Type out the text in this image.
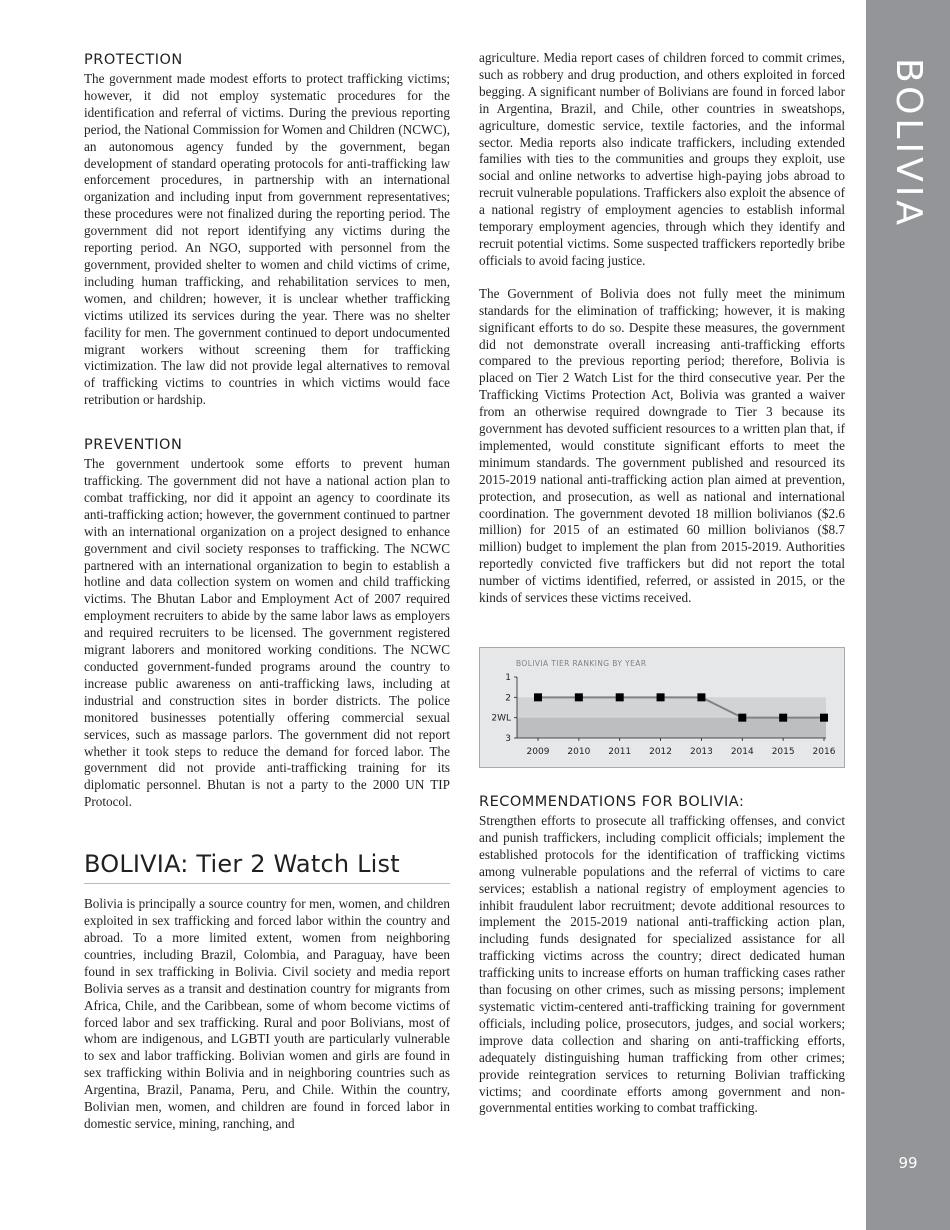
PROTECTION

The government made modest efforts to protect trafficking victims; however, it did not employ systematic procedures for the identification and referral of victims. During the previous reporting period, the National Commission for Women and Children (NCWC), an autonomous agency funded by the government, began development of standard operating protocols for anti-trafficking law enforcement procedures, in partnership with an international organization and including input from government representatives; these procedures were not finalized during the reporting period. The government did not report identifying any victims during the reporting period. An NGO, supported with personnel from the government, provided shelter to women and child victims of crime, including human trafficking, and rehabilitation services to men, women, and children; however, it is unclear whether trafficking victims utilized its services during the year. There was no shelter facility for men. The government continued to deport undocumented migrant workers without screening them for trafficking victimization. The law did not provide legal alternatives to removal of trafficking victims to countries in which victims would face retribution or hardship.

PREVENTION

The government undertook some efforts to prevent human trafficking. The government did not have a national action plan to combat trafficking, nor did it appoint an agency to coordinate its anti-trafficking action; however, the government continued to partner with an international organization on a project designed to enhance government and civil society responses to trafficking. The NCWC partnered with an international organization to begin to establish a hotline and data collection system on women and child trafficking victims. The Bhutan Labor and Employment Act of 2007 required employment recruiters to abide by the same labor laws as employers and required recruiters to be licensed. The government registered migrant laborers and monitored working conditions. The NCWC conducted government-funded programs around the country to increase public awareness on anti-trafficking laws, including at industrial and construction sites in border districts. The police monitored businesses potentially offering commercial sexual services, such as massage parlors. The government did not report whether it took steps to reduce the demand for forced labor. The government did not provide anti-trafficking training for its diplomatic personnel. Bhutan is not a party to the 2000 UN TIP Protocol.

BOLIVIA: Tier 2 Watch List

Bolivia is principally a source country for men, women, and children exploited in sex trafficking and forced labor within the country and abroad. To a more limited extent, women from neighboring countries, including Brazil, Colombia, and Paraguay, have been found in sex trafficking in Bolivia. Civil society and media report Bolivia serves as a transit and destination country for migrants from Africa, Chile, and the Caribbean, some of whom become victims of forced labor and sex trafficking. Rural and poor Bolivians, most of whom are indigenous, and LGBTI youth are particularly vulnerable to sex and labor trafficking. Bolivian women and girls are found in sex trafficking within Bolivia and in neighboring countries such as Argentina, Brazil, Panama, Peru, and Chile. Within the country, Bolivian men, women, and children are found in forced labor in domestic service, mining, ranching, and

agriculture. Media report cases of children forced to commit crimes, such as robbery and drug production, and others exploited in forced begging. A significant number of Bolivians are found in forced labor in Argentina, Brazil, and Chile, other countries in sweatshops, agriculture, domestic service, textile factories, and the informal sector. Media reports also indicate traffickers, including extended families with ties to the communities and groups they exploit, use social and online networks to advertise high-paying jobs abroad to recruit vulnerable populations. Traffickers also exploit the absence of a national registry of employment agencies to establish informal temporary employment agencies, through which they identify and recruit potential victims. Some suspected traffickers reportedly bribe officials to avoid facing justice.

The Government of Bolivia does not fully meet the minimum standards for the elimination of trafficking; however, it is making significant efforts to do so. Despite these measures, the government did not demonstrate overall increasing anti-trafficking efforts compared to the previous reporting period; therefore, Bolivia is placed on Tier 2 Watch List for the third consecutive year. Per the Trafficking Victims Protection Act, Bolivia was granted a waiver from an otherwise required downgrade to Tier 3 because its government has devoted sufficient resources to a written plan that, if implemented, would constitute significant efforts to meet the minimum standards. The government published and resourced its 2015-2019 national anti-trafficking action plan aimed at prevention, protection, and prosecution, as well as national and international coordination. The government devoted 18 million bolivianos ($2.6 million) for 2015 of an estimated 60 million bolivianos ($8.7 million) budget to implement the plan from 2015-2019. Authorities reportedly convicted five traffickers but did not report the total number of victims identified, referred, or assisted in 2015, or the kinds of services these victims received.

BOLIVIA TIER RANKING BY YEAR
1
2
2WL
3
2009 2010 2011 2012 2013 2014 2015 2016
RECOMMENDATIONS FOR BOLIVIA:

Strengthen efforts to prosecute all trafficking offenses, and convict and punish traffickers, including complicit officials; implement the established protocols for the identification of trafficking victims among vulnerable populations and the referral of victims to care services; establish a national registry of employment agencies to inhibit fraudulent labor recruitment; devote additional resources to implement the 2015-2019 national anti-trafficking action plan, including funds designated for specialized assistance for all trafficking victims across the country; direct dedicated human trafficking units to increase efforts on human trafficking cases rather than focusing on other crimes, such as missing persons; implement systematic victim-centered anti-trafficking training for government officials, including police, prosecutors, judges, and social workers; improve data collection and sharing on anti-trafficking efforts, adequately distinguishing human trafficking from other crimes; provide reintegration services to returning Bolivian trafficking victims; and coordinate efforts among government and non-governmental entities working to combat trafficking.

BOLIVIA
99
